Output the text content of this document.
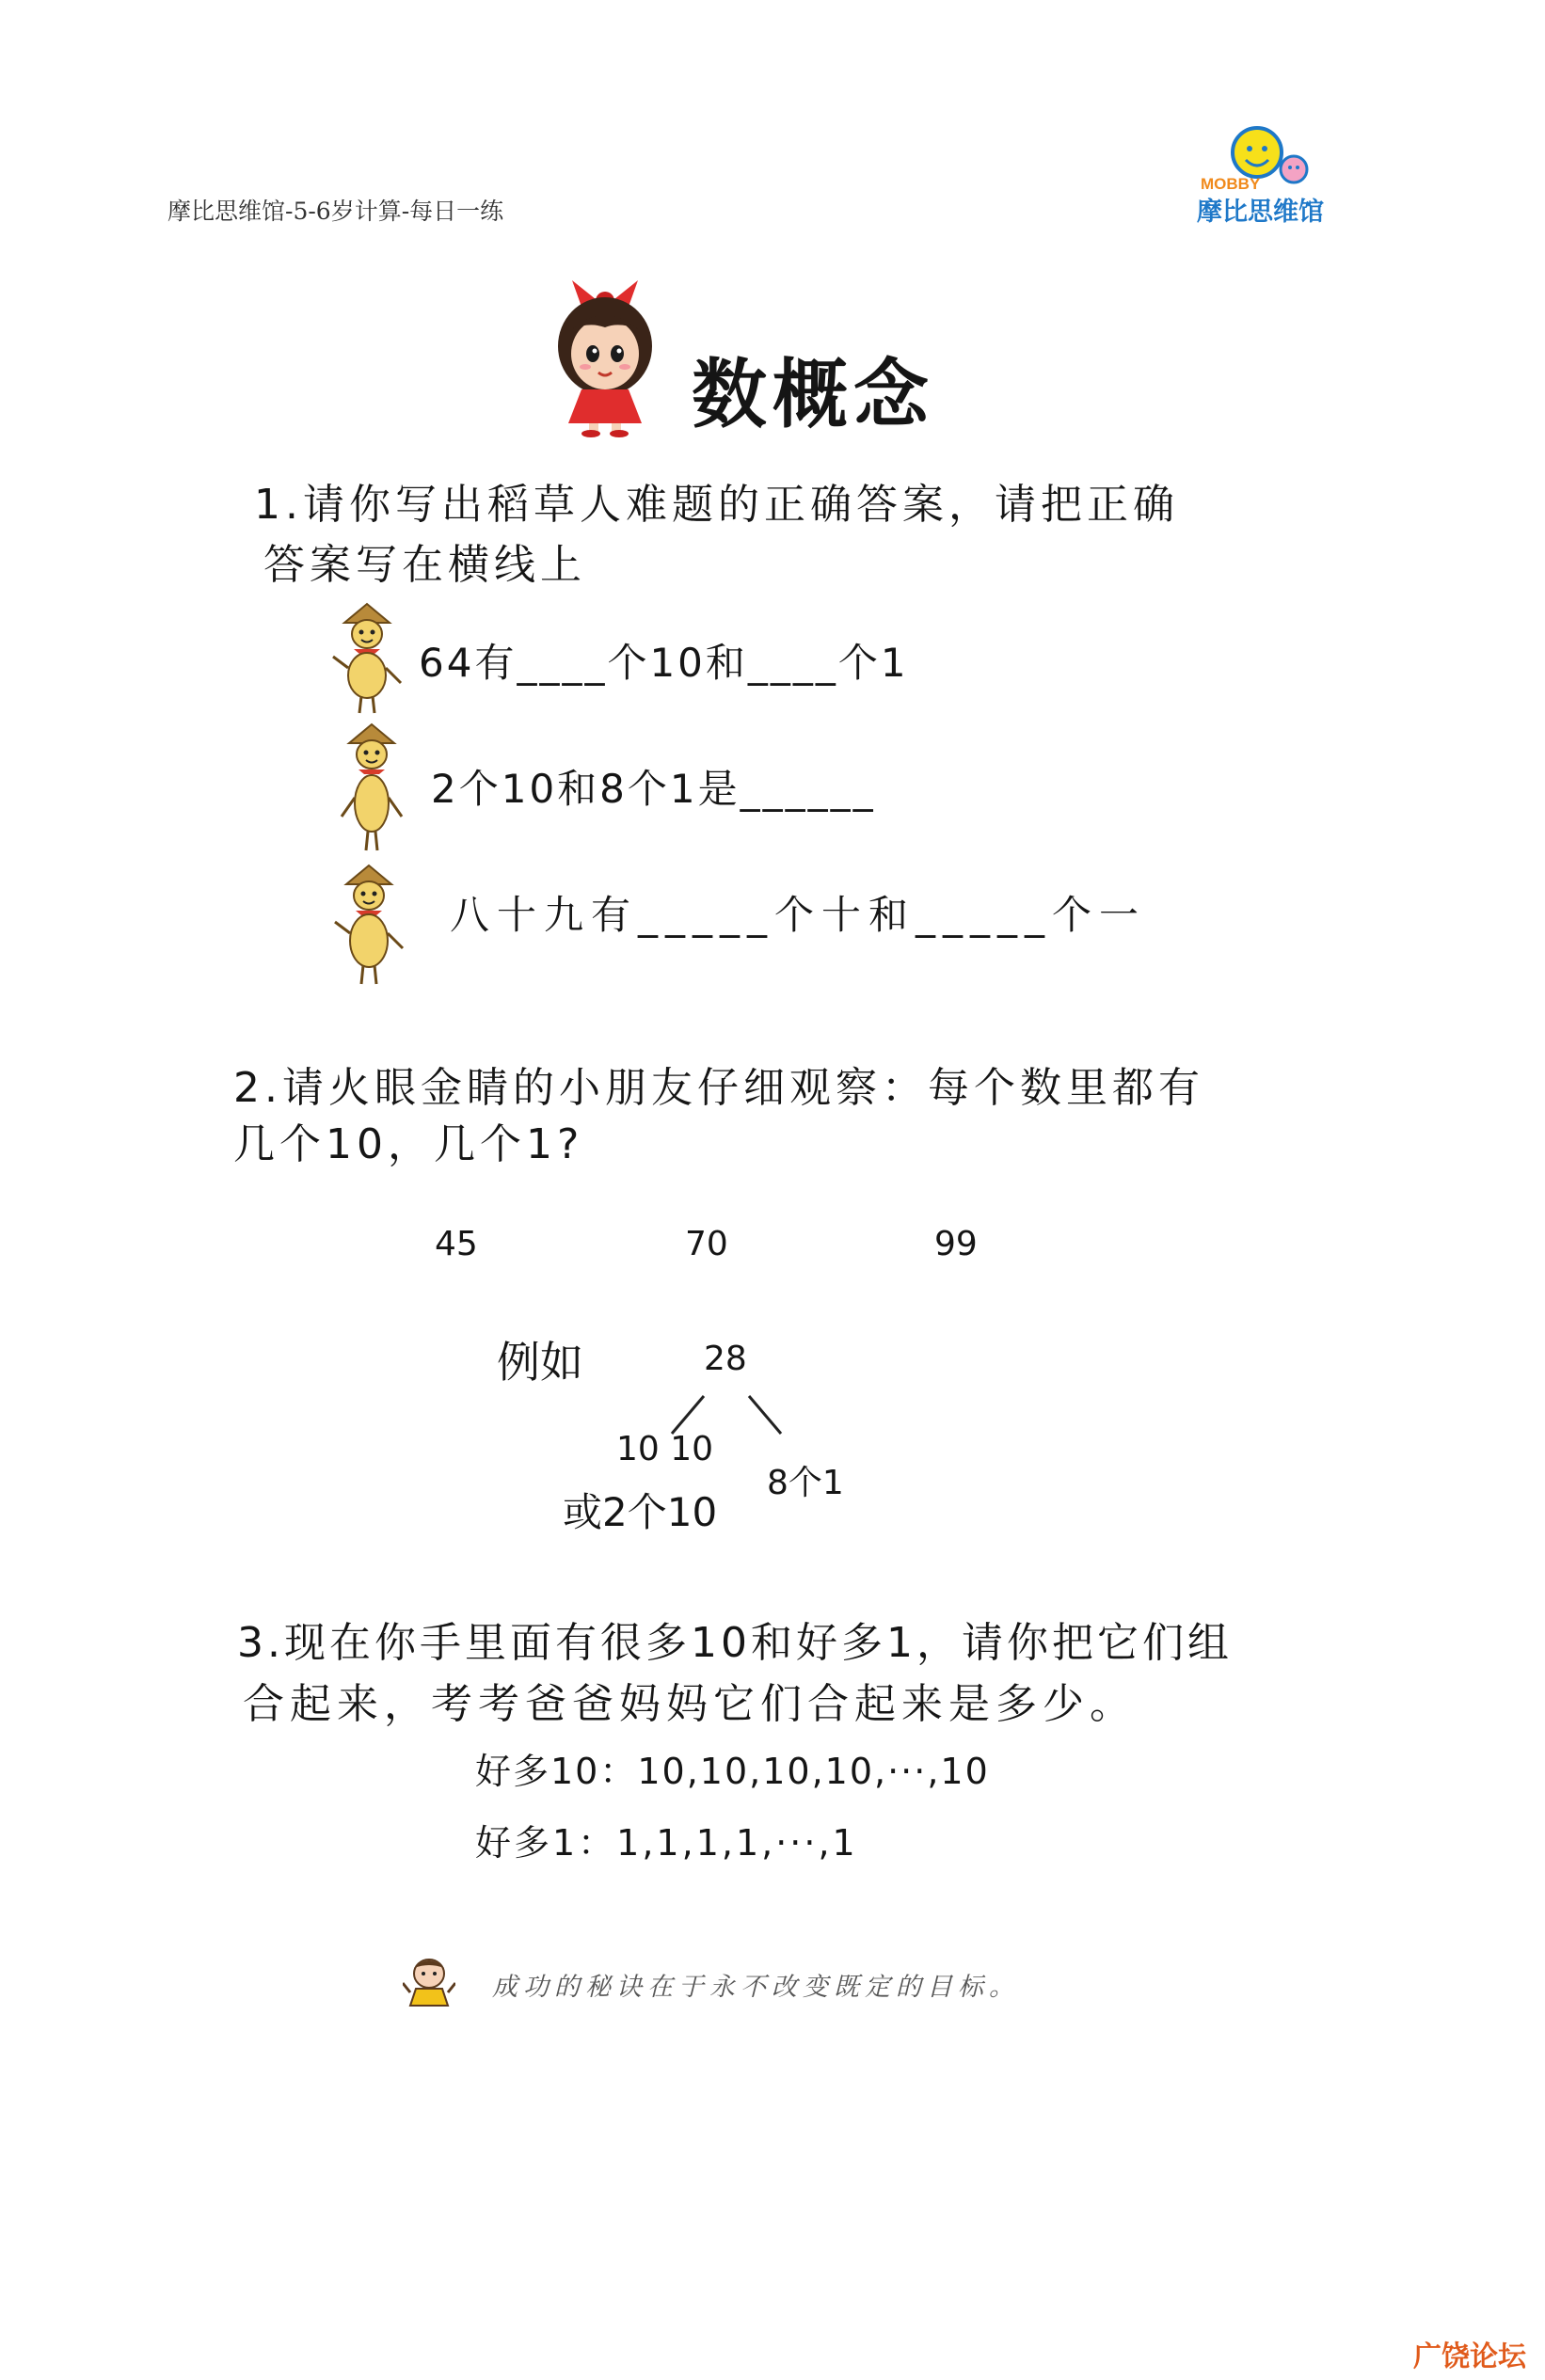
摩比思维馆-5-6岁计算-每日一练
MOBBY
摩比思维馆
数概念
1.请你写出稻草人难题的正确答案，请把正确
答案写在横线上
64有____个10和____个1
2个10和8个1是______
八十九有_____个十和_____个一
2.请火眼金睛的小朋友仔细观察：每个数里都有
几个10，几个1?
45	70	99
例如	28
10 10
8个1
或2个10
3.现在你手里面有很多10和好多1，请你把它们组
合起来，考考爸爸妈妈它们合起来是多少。
好多10：10,10,10,10,···,10
好多1：1,1,1,1,···,1
成功的秘诀在于永不改变既定的目标。
广饶论坛
